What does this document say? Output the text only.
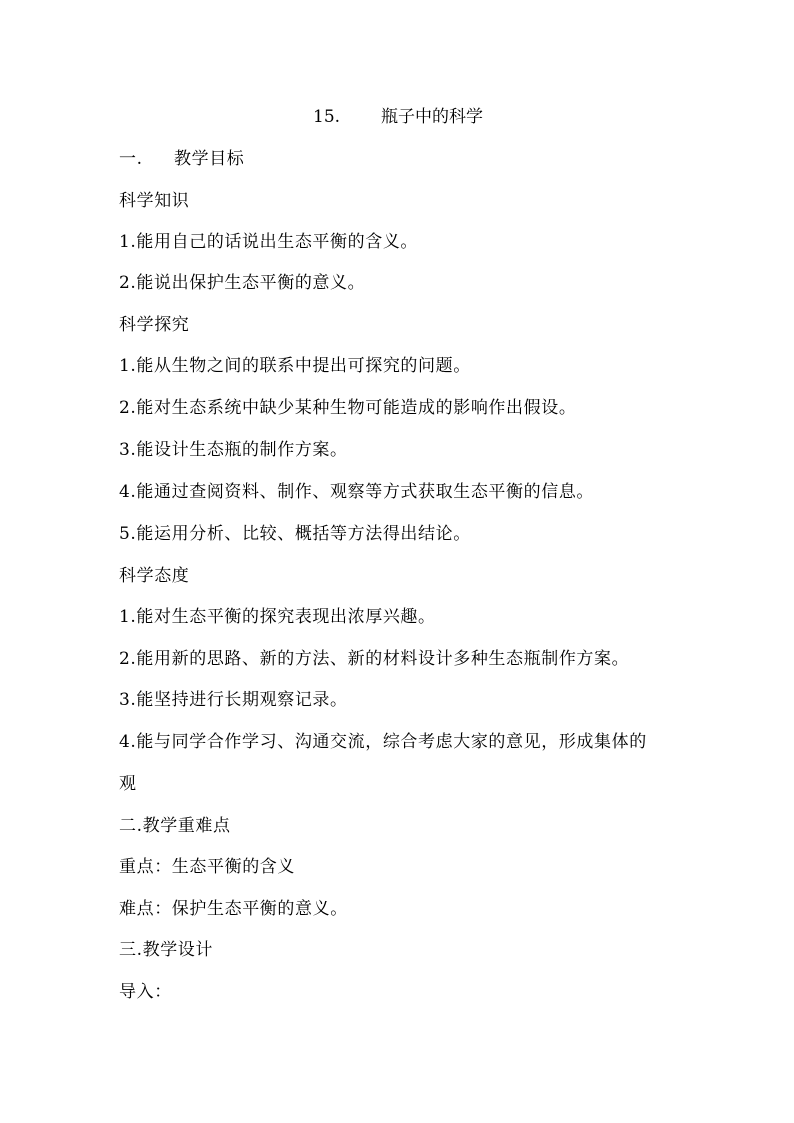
15. 瓶子中的科学
一. 教学目标
科学知识
1.能用自己的话说出生态平衡的含义。
2.能说出保护生态平衡的意义。
科学探究
1.能从生物之间的联系中提出可探究的问题。
2.能对生态系统中缺少某种生物可能造成的影响作出假设。
3.能设计生态瓶的制作方案。
4.能通过查阅资料、制作、观察等方式获取生态平衡的信息。
5.能运用分析、比较、概括等方法得出结论。
科学态度
1.能对生态平衡的探究表现出浓厚兴趣。
2.能用新的思路、新的方法、新的材料设计多种生态瓶制作方案。
3.能坚持进行长期观察记录。
4.能与同学合作学习、沟通交流，综合考虑大家的意见，形成集体的
观
二.教学重难点
重点：生态平衡的含义
难点：保护生态平衡的意义。
三.教学设计
导入：
